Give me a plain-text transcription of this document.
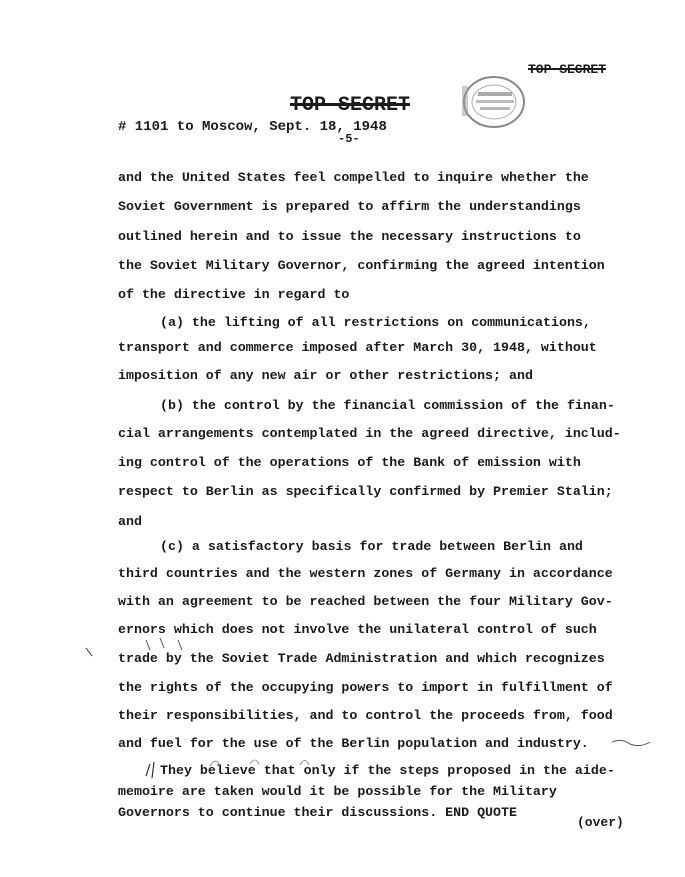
TOP SECRET
TOP SECRET
# 1101 to Moscow, Sept. 18, 1948
-5-
and the United States feel compelled to inquire whether the
Soviet Government is prepared to affirm the understandings
outlined herein and to issue the necessary instructions to
the Soviet Military Governor, confirming the agreed intention
of the directive in regard to
(a) the lifting of all restrictions on communications,
transport and commerce imposed after March 30, 1948, without
imposition of any new air or other restrictions; and
(b) the control by the financial commission of the finan-
cial arrangements contemplated in the agreed directive, includ-
ing control of the operations of the Bank of emission with
respect to Berlin as specifically confirmed by Premier Stalin;
and
(c) a satisfactory basis for trade between Berlin and
third countries and the western zones of Germany in accordance
with an agreement to be reached between the four Military Gov-
ernors which does not involve the unilateral control of such
trade by the Soviet Trade Administration and which recognizes
the rights of the occupying powers to import in fulfillment of
their responsibilities, and to control the proceeds from, food
and fuel for the use of the Berlin population and industry.
They believe that only if the steps proposed in the aide-
memoire are taken would it be possible for the Military
Governors to continue their discussions. END QUOTE
(over)
